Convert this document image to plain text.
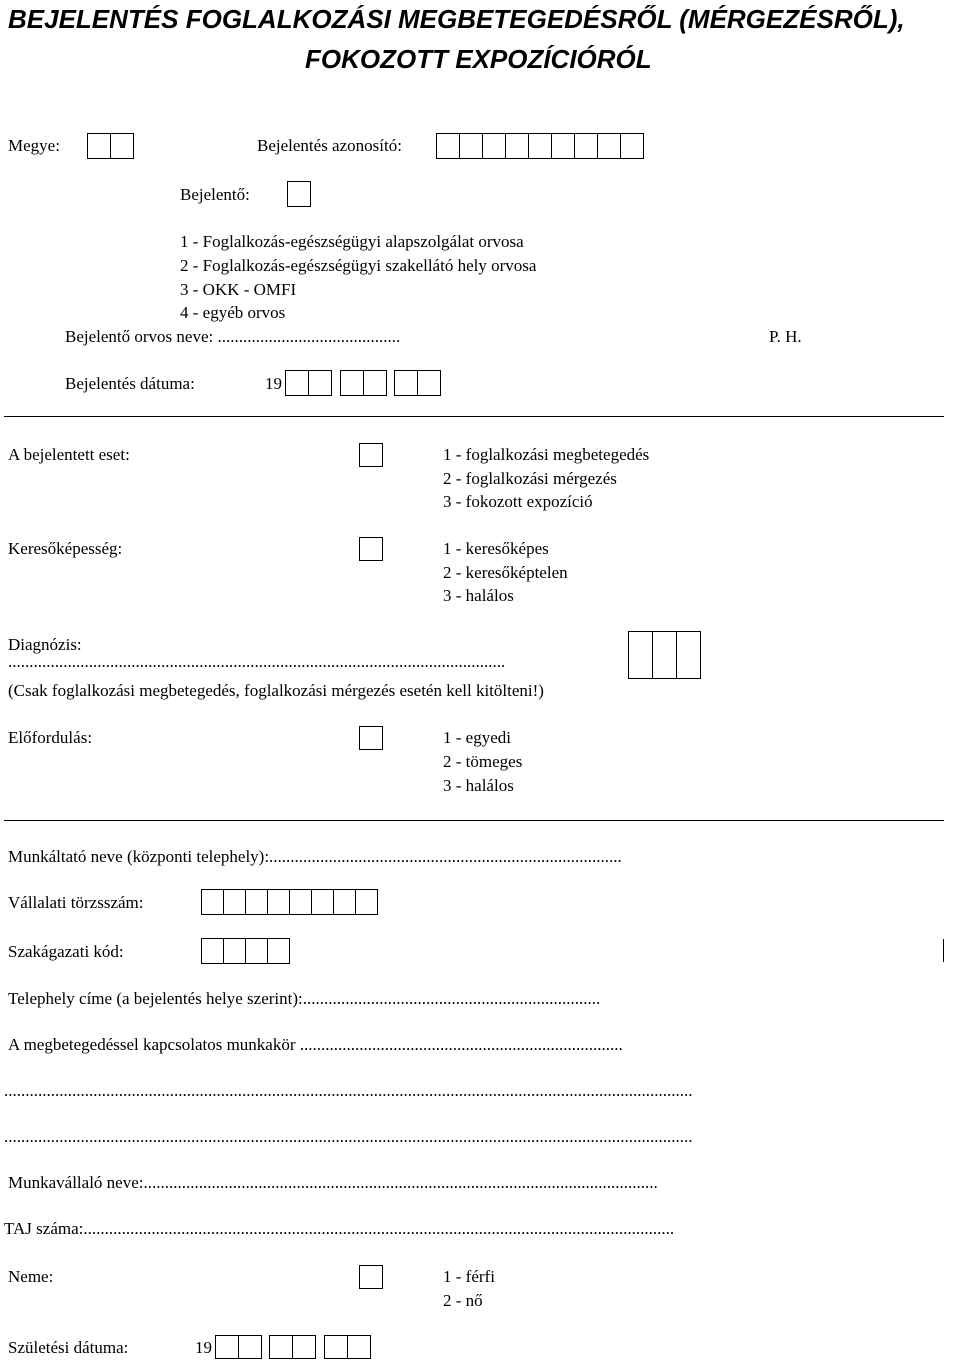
BEJELENTÉS FOGLALKOZÁSI MEGBETEGEDÉSRŐL (MÉRGEZÉSRŐL),
FOKOZOTT EXPOZÍCIÓRÓL
Megye:	Bejelentés azonosító:
Bejelentő:
1 - Foglalkozás-egészségügyi alapszolgálat orvosa
2 - Foglalkozás-egészségügyi szakellátó hely orvosa
3 - OKK - OMFI
4 - egyéb orvos
Bejelentő orvos neve: ...........................................	P. H.
Bejelentés dátuma:	19
A bejelentett eset:	1 - foglalkozási megbetegedés
2 - foglalkozási mérgezés
3 - fokozott expozíció
Keresőképesség:	1 - keresőképes
2 - keresőképtelen
3 - halálos
Diagnózis:
.....................................................................................................................
(Csak foglalkozási megbetegedés, foglalkozási mérgezés esetén kell kitölteni!)
Előfordulás:	1 - egyedi
2 - tömeges
3 - halálos
Munkáltató neve (központi telephely):...................................................................................
Vállalati törzsszám:
Szakágazati kód:
Telephely címe (a bejelentés helye szerint):......................................................................
A megbetegedéssel kapcsolatos munkakör ............................................................................
..................................................................................................................................................................
..................................................................................................................................................................
Munkavállaló neve:.........................................................................................................................
TAJ száma:...........................................................................................................................................
Neme:	1 - férfi
2 - nő
Születési dátuma:	19
